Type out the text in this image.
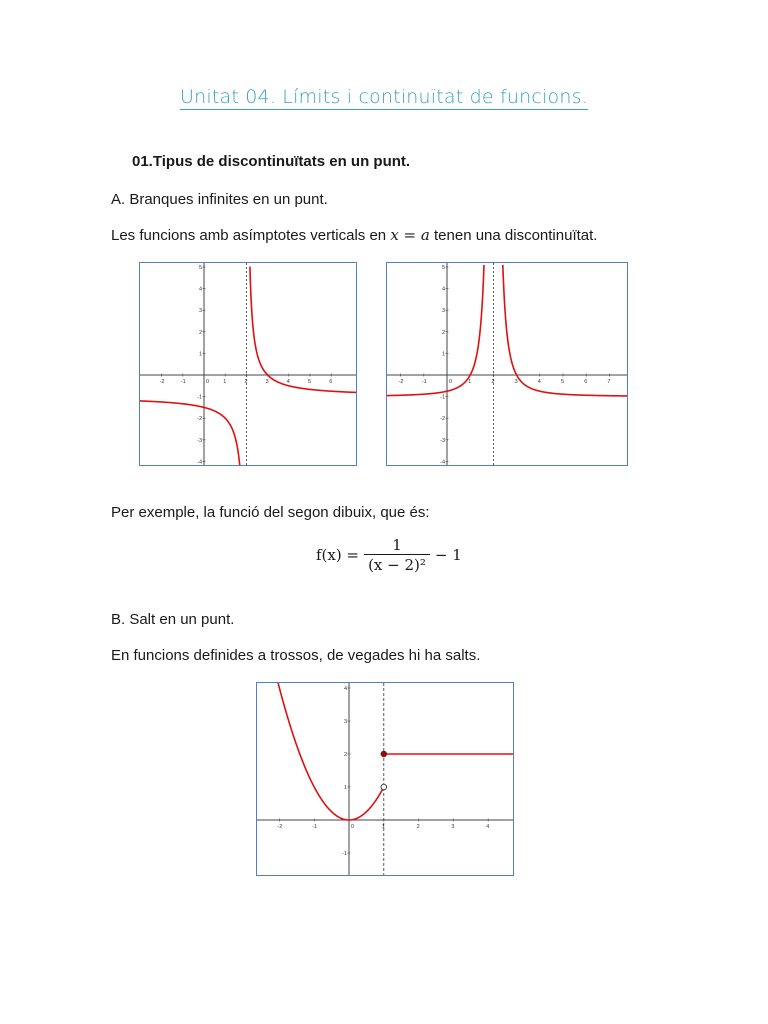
Unitat 04. Límits i continuïtat de funcions.
01.Tipus de discontinuïtats en un punt.
A. Branques infinites en un punt.
Les funcions amb asímptotes verticals en x = a tenen una discontinuïtat.
-2	-1	0	1	2	3	4	5	6
5
4
3
2
1
-1
-2
-3
-4
-2	-1	0	1	2	3	4	5	6	7
5
4
3
2
1
-1
-2
-3
-4
Per exemple, la funció del segon dibuix, que és:
$f(x) = \frac{1}{\text{(x − 2)²}} - 1$
B. Salt en un punt.
En funcions definides a trossos, de vegades hi ha salts.
-2	-1	0	1	2	3	4
4
3
2
1
-1
